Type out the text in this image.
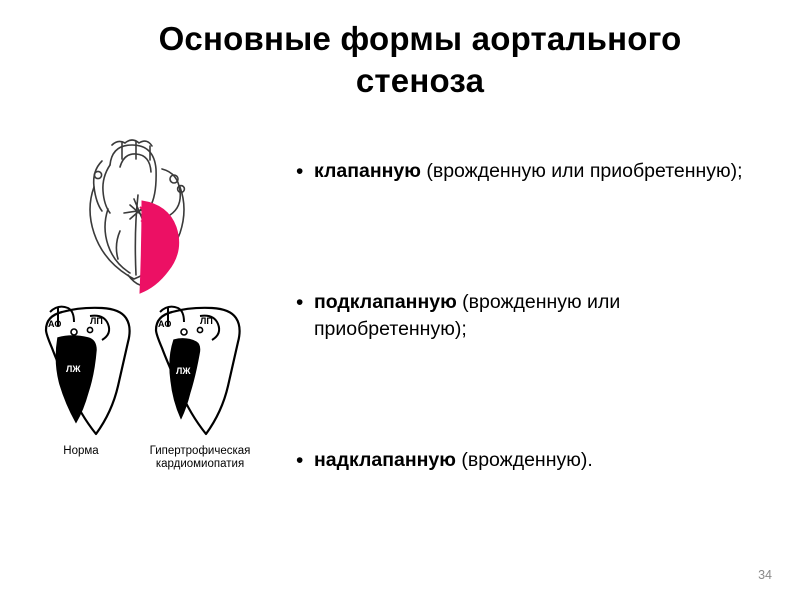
Основные формы аортального стеноза
АО	ЛП
ЛЖ
АО	ЛП
ЛЖ
Норма	Гипертрофическая кардиомиопатия
• клапанную (врожденную или приобретенную);
• подклапанную (врожденную или приобретенную);
• надклапанную (врожденную).
34
